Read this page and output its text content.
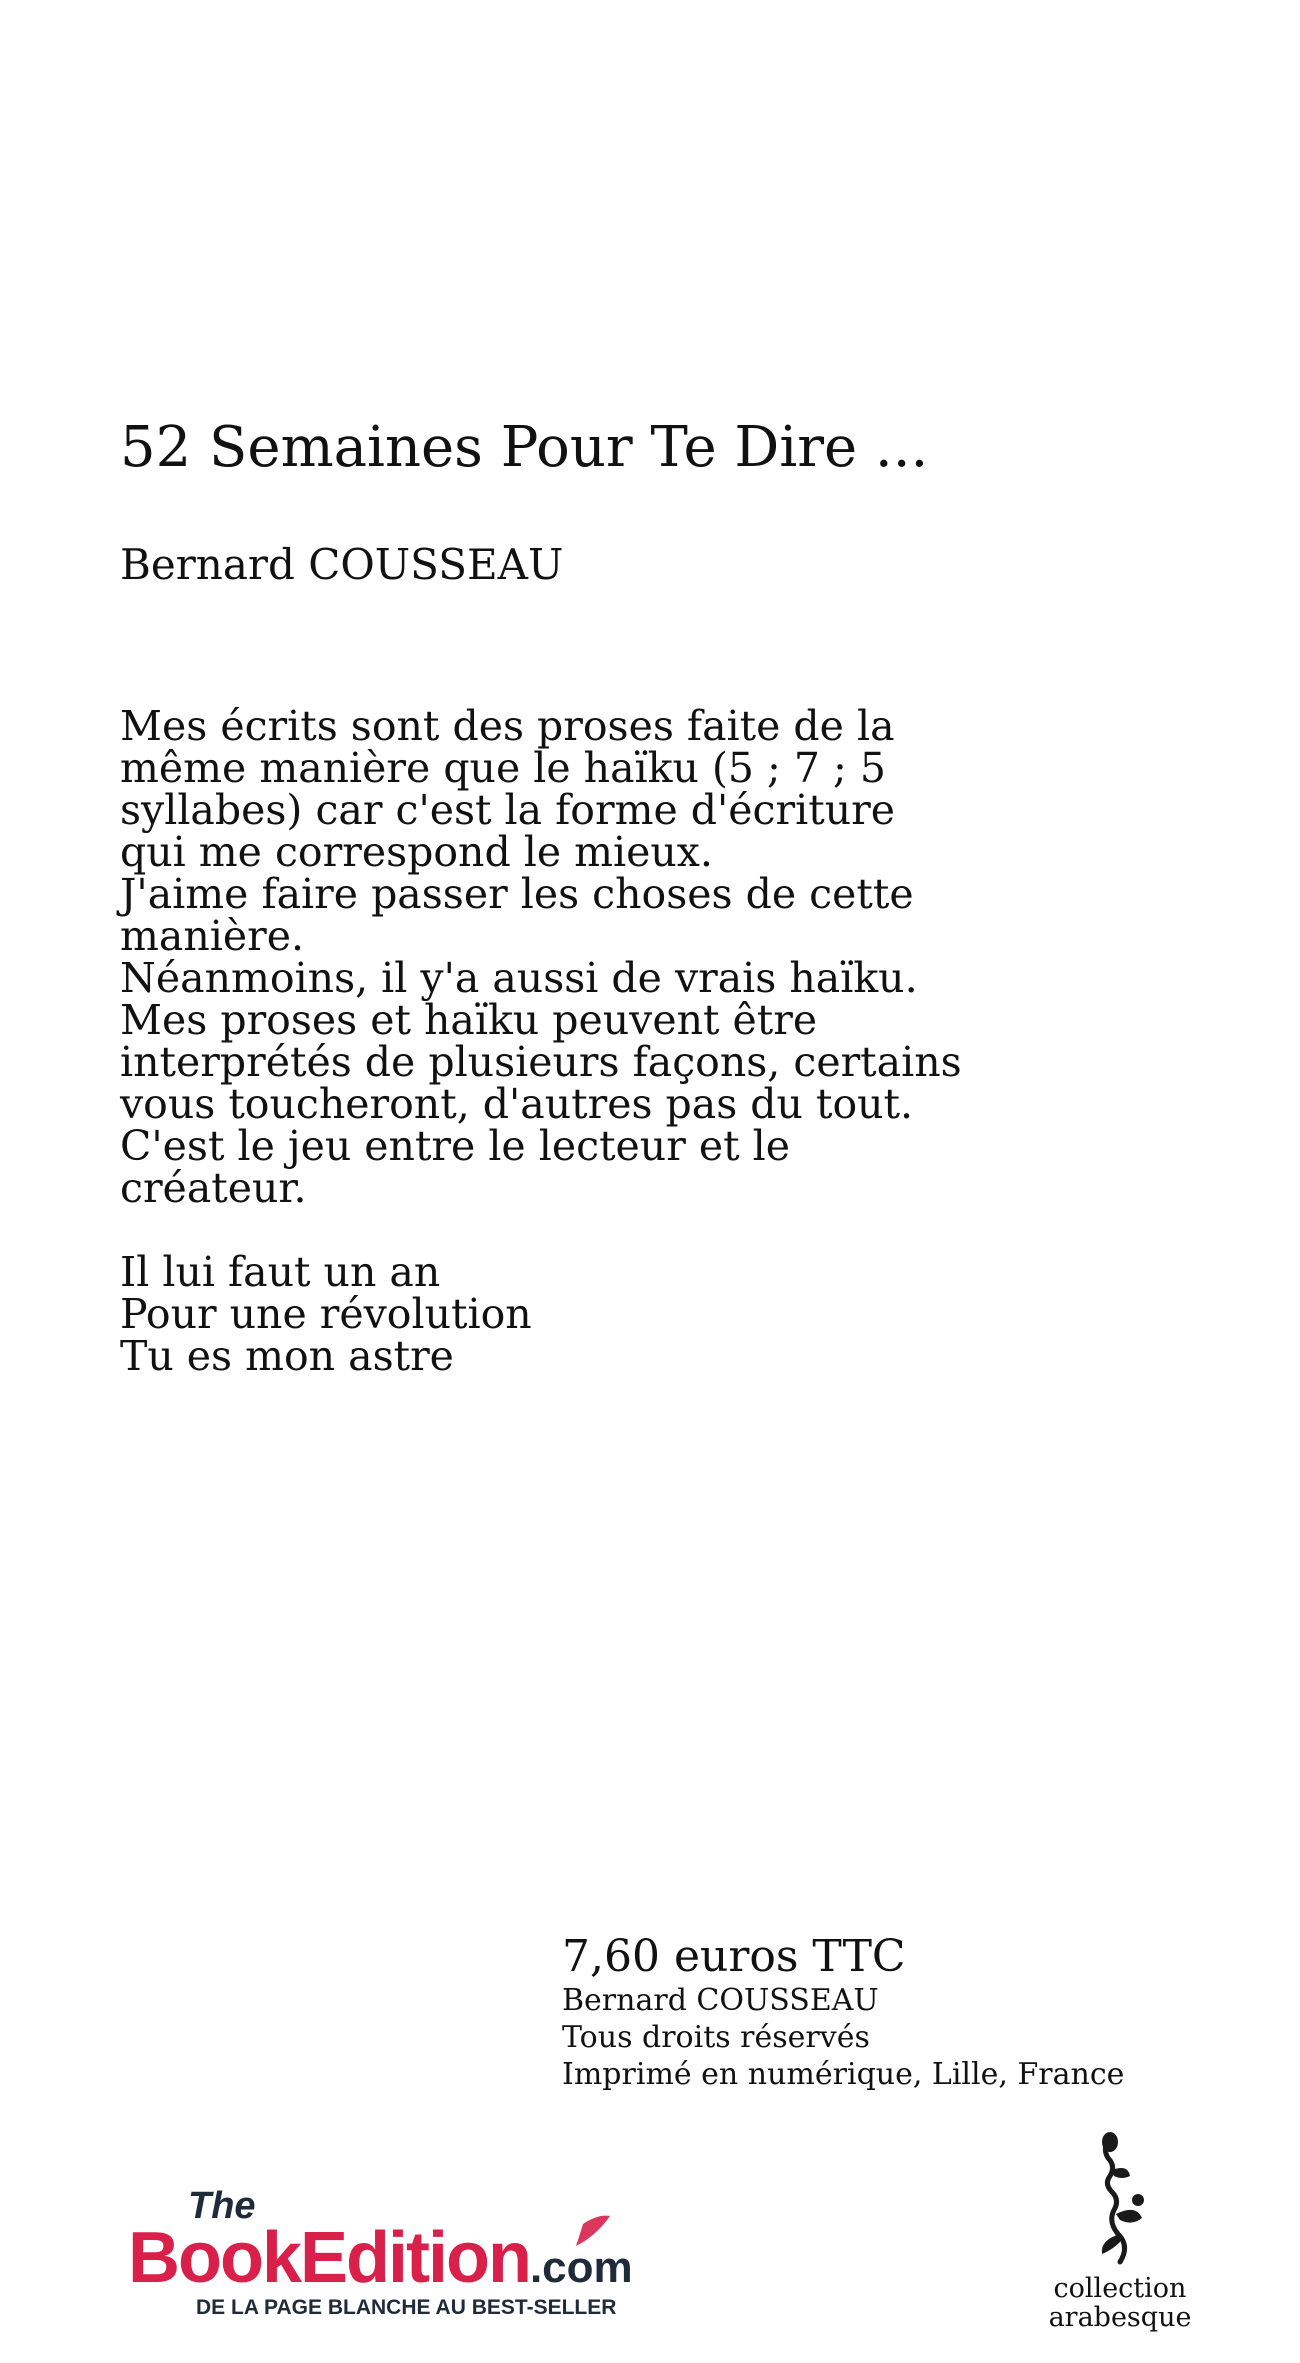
52 Semaines Pour Te Dire ...
Bernard COUSSEAU

Mes écrits sont des proses faite de la
même manière que le haïku (5 ; 7 ; 5
syllabes) car c'est la forme d'écriture
qui me correspond le mieux.
J'aime faire passer les choses de cette
manière.
Néanmoins, il y'a aussi de vrais haïku.
Mes proses et haïku peuvent être
interprétés de plusieurs façons, certains
vous toucheront, d'autres pas du tout.
C'est le jeu entre le lecteur et le
créateur.

Il lui faut un an
Pour une révolution
Tu es mon astre

7,60 euros TTC
Bernard COUSSEAU
Tous droits réservés
Imprimé en numérique, Lille, France
The
BookEdition.com
DE LA PAGE BLANCHE AU BEST-SELLER
collection
arabesque
